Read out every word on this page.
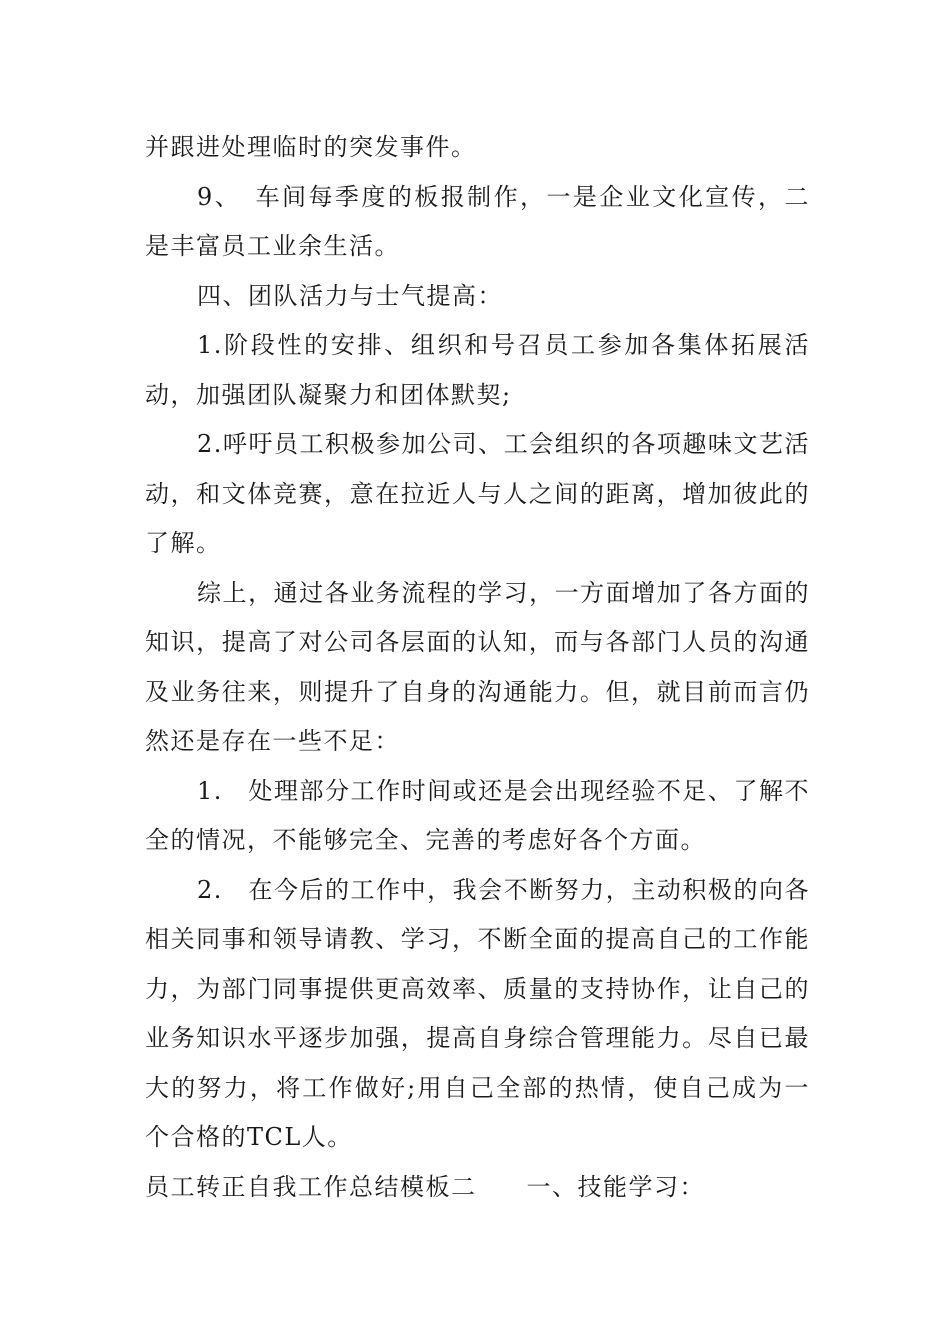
并跟进处理临时的突发事件。

9、　车间每季度的板报制作，一是企业文化宣传，二是丰富员工业余生活。

四、团队活力与士气提高：

1.阶段性的安排、组织和号召员工参加各集体拓展活动，加强团队凝聚力和团体默契;

2.呼吁员工积极参加公司、工会组织的各项趣味文艺活动，和文体竞赛，意在拉近人与人之间的距离，增加彼此的了解。

综上，通过各业务流程的学习，一方面增加了各方面的知识，提高了对公司各层面的认知，而与各部门人员的沟通及业务往来，则提升了自身的沟通能力。但，就目前而言仍然还是存在一些不足：

1.　处理部分工作时间或还是会出现经验不足、了解不全的情况，不能够完全、完善的考虑好各个方面。

2.　在今后的工作中，我会不断努力，主动积极的向各相关同事和领导请教、学习，不断全面的提高自己的工作能力，为部门同事提供更高效率、质量的支持协作，让自己的业务知识水平逐步加强，提高自身综合管理能力。尽自已最大的努力，将工作做好;用自己全部的热情，使自己成为一个合格的TCL人。

员工转正自我工作总结模板二 一、技能学习：
